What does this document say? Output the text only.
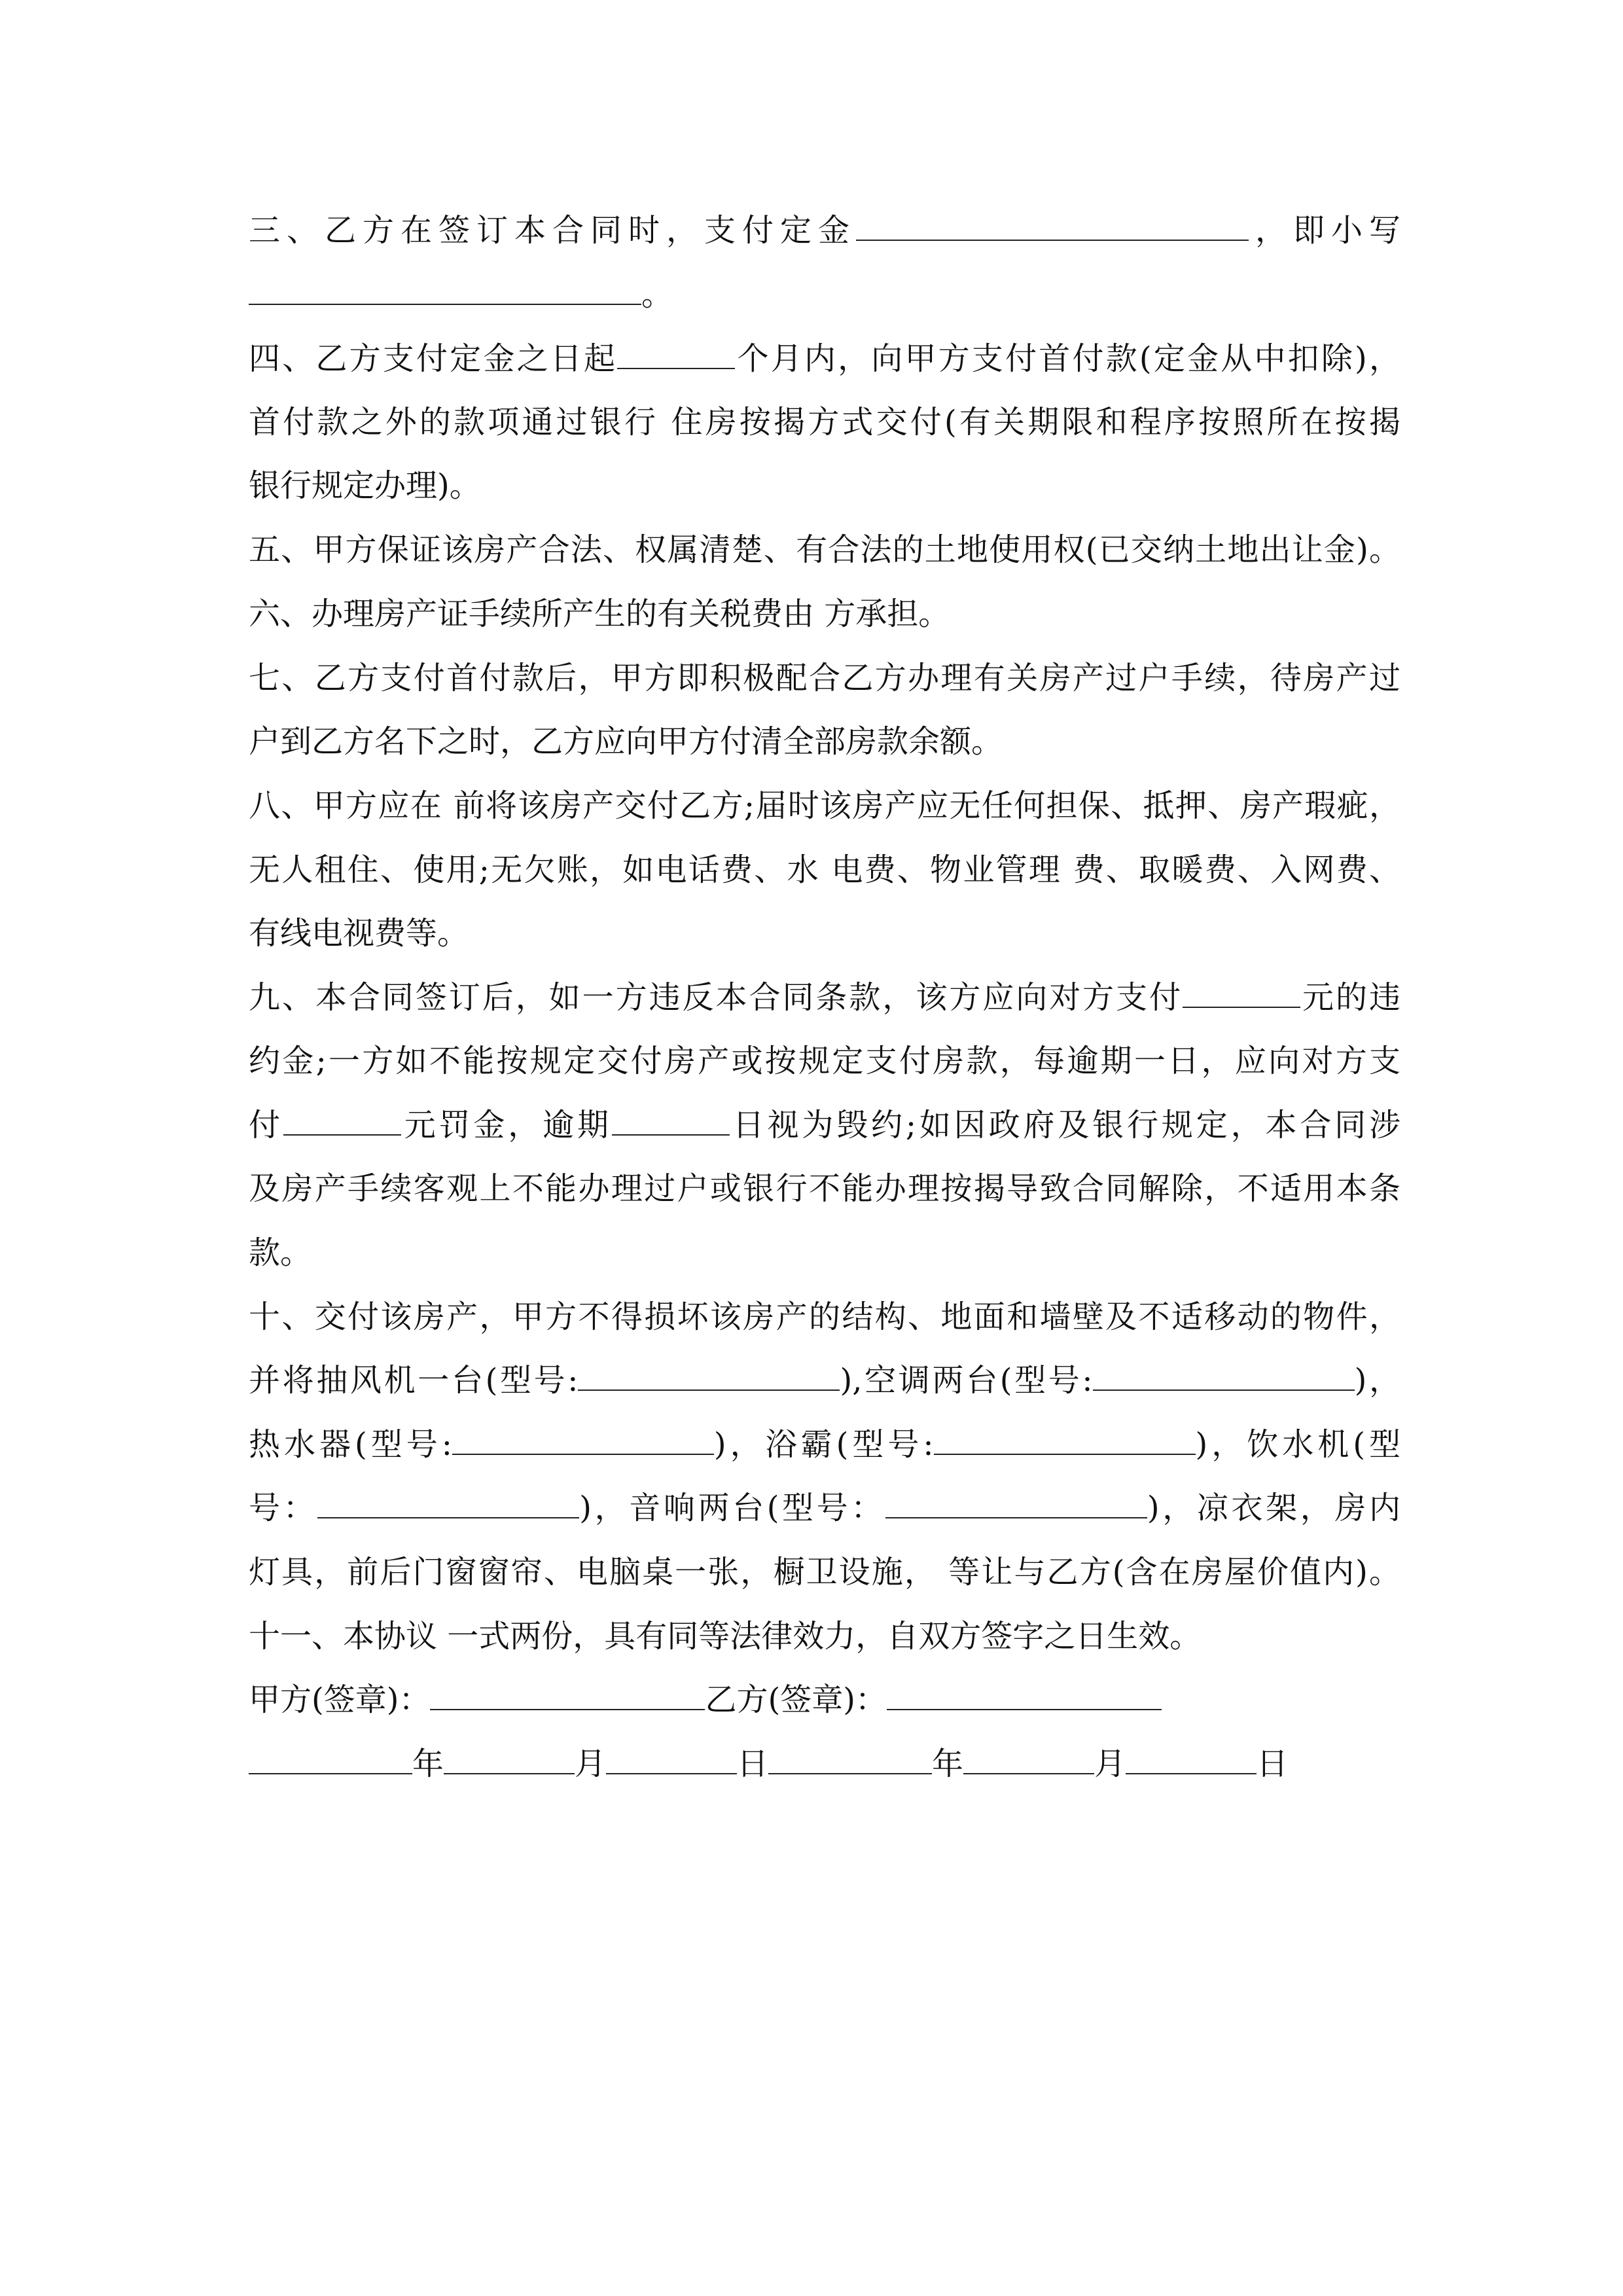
三、乙方在签订本合同时，支付定金	，即小写
。
四、乙方支付定金之日起	个月内，向甲方支付首付款(定金从中扣除)，
首付款之外的款项通过银行 住房按揭方式交付(有关期限和程序按照所在按揭
银行规定办理)。
五、甲方保证该房产合法、权属清楚、有合法的土地使用权(已交纳土地出让金)。
六、办理房产证手续所产生的有关税费由 方承担。
七、乙方支付首付款后，甲方即积极配合乙方办理有关房产过户手续，待房产过
户到乙方名下之时，乙方应向甲方付清全部房款余额。
八、甲方应在 前将该房产交付乙方;届时该房产应无任何担保、抵押、房产瑕疵，
无人租住、使用;无欠账，如电话费、水 电费、物业管理 费、取暖费、入网费、
有线电视费等。
九、本合同签订后，如一方违反本合同条款，该方应向对方支付	元的违
约金;一方如不能按规定交付房产或按规定支付房款，每逾期一日，应向对方支
付	元罚金，逾期	日视为毁约;如因政府及银行规定，本合同涉
及房产手续客观上不能办理过户或银行不能办理按揭导致合同解除，不适用本条
款。
十、交付该房产，甲方不得损坏该房产的结构、地面和墙壁及不适移动的物件，
并将抽风机一台(型号:	),空调两台(型号:	)，
热水器(型号:	)，浴霸(型号:	)，饮水机(型
号：	)，音响两台(型号：	)，凉衣架，房内
灯具，前后门窗窗帘、电脑桌一张，橱卫设施， 等让与乙方(含在房屋价值内)。
十一、本协议 一式两份，具有同等法律效力，自双方签字之日生效。
甲方(签章)：	乙方(签章)：
年	月	日	年	月	日
